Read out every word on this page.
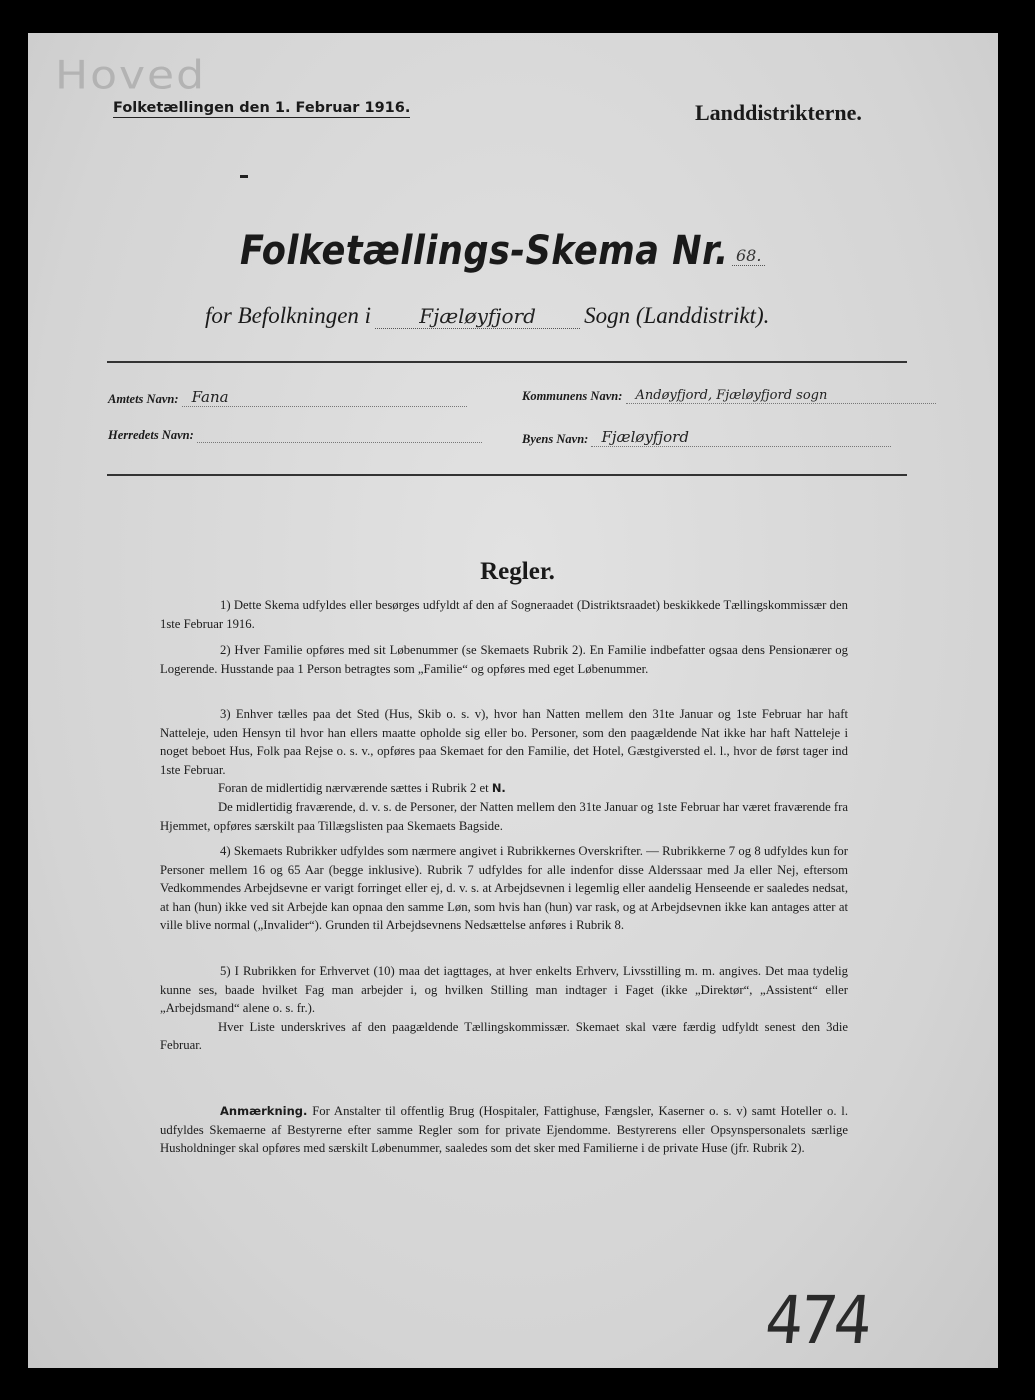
Hoved
Folketællingen den 1. Februar 1916.	Landdistrikterne.
Folketællings-Skema Nr. 68.
for Befolkningen i Fjæløyfjord Sogn (Landdistrikt).
Amtets Navn: Fana	Kommunens Navn: Andøyfjord, Fjæløyfjord sogn
Herredets Navn:	Byens Navn: Fjæløyfjord
Regler.

1) Dette Skema udfyldes eller besørges udfyldt af den af Sogneraadet (Distriktsraadet) beskikkede Tællingskommissær den 1ste Februar 1916.

2) Hver Familie opføres med sit Løbenummer (se Skemaets Rubrik 2). En Familie indbefatter ogsaa dens Pensionærer og Logerende. Husstande paa 1 Person betragtes som „Familie“ og opføres med eget Løbenummer.

3) Enhver tælles paa det Sted (Hus, Skib o. s. v), hvor han Natten mellem den 31te Januar og 1ste Februar har haft Natteleje, uden Hensyn til hvor han ellers maatte opholde sig eller bo. Personer, som den paagældende Nat ikke har haft Natteleje i noget beboet Hus, Folk paa Rejse o. s. v., opføres paa Skemaet for den Familie, det Hotel, Gæstgiversted el. l., hvor de først tager ind 1ste Februar.

Foran de midlertidig nærværende sættes i Rubrik 2 et N.

De midlertidig fraværende, d. v. s. de Personer, der Natten mellem den 31te Januar og 1ste Februar har været fraværende fra Hjemmet, opføres særskilt paa Tillægslisten paa Skemaets Bagside.

4) Skemaets Rubrikker udfyldes som nærmere angivet i Rubrikkernes Overskrifter. — Rubrikkerne 7 og 8 udfyldes kun for Personer mellem 16 og 65 Aar (begge inklusive). Rubrik 7 udfyldes for alle indenfor disse Alderssaar med Ja eller Nej, eftersom Vedkommendes Arbejdsevne er varigt forringet eller ej, d. v. s. at Arbejdsevnen i legemlig eller aandelig Henseende er saaledes nedsat, at han (hun) ikke ved sit Arbejde kan opnaa den samme Løn, som hvis han (hun) var rask, og at Arbejdsevnen ikke kan antages atter at ville blive normal („Invalider“). Grunden til Arbejdsevnens Nedsættelse anføres i Rubrik 8.

5) I Rubrikken for Erhvervet (10) maa det iagttages, at hver enkelts Erhverv, Livsstilling m. m. angives. Det maa tydelig kunne ses, baade hvilket Fag man arbejder i, og hvilken Stilling man indtager i Faget (ikke „Direktør“, „Assistent“ eller „Arbejdsmand“ alene o. s. fr.).

Hver Liste underskrives af den paagældende Tællingskommissær. Skemaet skal være færdig udfyldt senest den 3die Februar.

Anmærkning. For Anstalter til offentlig Brug (Hospitaler, Fattighuse, Fængsler, Kaserner o. s. v) samt Hoteller o. l. udfyldes Skemaerne af Bestyrerne efter samme Regler som for private Ejendomme. Bestyrerens eller Opsynspersonalets særlige Husholdninger skal opføres med særskilt Løbenummer, saaledes som det sker med Familierne i de private Huse (jfr. Rubrik 2).

474
